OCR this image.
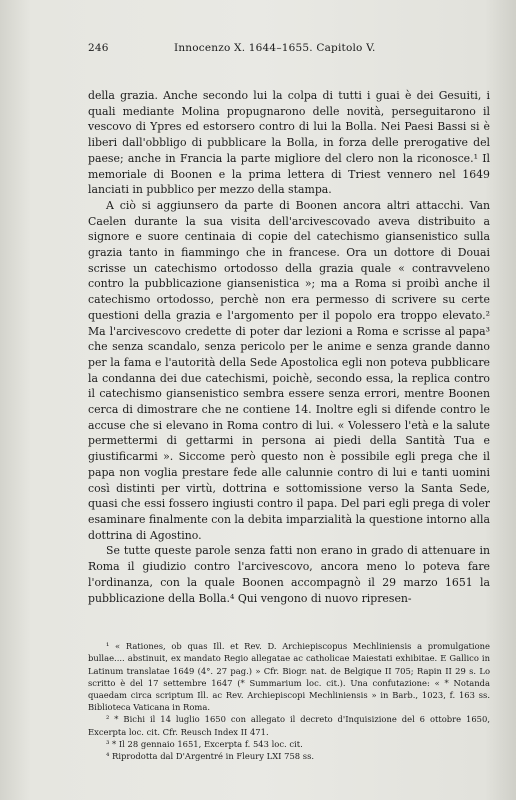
246	Innocenzo X. 1644–1655. Capitolo V.

della grazia. Anche secondo lui la colpa di tutti i guai è dei Gesuiti, i quali mediante Molina propugnarono delle novità, perseguitarono il vescovo di Ypres ed estorsero contro di lui la Bolla. Nei Paesi Bassi si è liberi dall'obbligo di pubblicare la Bolla, in forza delle prerogative del paese; anche in Francia la parte migliore del clero non la riconosce.¹ Il memoriale di Boonen e la prima lettera di Triest vennero nel 1649 lanciati in pubblico per mezzo della stampa.

A ciò si aggiunsero da parte di Boonen ancora altri attacchi. Van Caelen durante la sua visita dell'arcivescovado aveva distribuito a signore e suore centinaia di copie del catechismo giansenistico sulla grazia tanto in fiammingo che in francese. Ora un dottore di Douai scrisse un catechismo ortodosso della grazia quale « contravveleno contro la pubblicazione giansenistica »; ma a Roma si proibì anche il catechismo ortodosso, perchè non era permesso di scrivere su certe questioni della grazia e l'argomento per il popolo era troppo elevato.² Ma l'arcivescovo credette di poter dar lezioni a Roma e scrisse al papa³ che senza scandalo, senza pericolo per le anime e senza grande danno per la fama e l'autorità della Sede Apostolica egli non poteva pubblicare la condanna dei due catechismi, poichè, secondo essa, la replica contro il catechismo giansenistico sembra essere senza errori, mentre Boonen cerca di dimostrare che ne contiene 14. Inoltre egli si difende contro le accuse che si elevano in Roma contro di lui. « Volessero l'età e la salute permettermi di gettarmi in persona ai piedi della Santità Tua e giustificarmi ». Siccome però questo non è possibile egli prega che il papa non voglia prestare fede alle calunnie contro di lui e tanti uomini così distinti per virtù, dottrina e sottomissione verso la Santa Sede, quasi che essi fossero ingiusti contro il papa. Del pari egli prega di voler esaminare finalmente con la debita imparzialità la questione intorno alla dottrina di Agostino.

Se tutte queste parole senza fatti non erano in grado di attenuare in Roma il giudizio contro l'arcivescovo, ancora meno lo poteva fare l'ordinanza, con la quale Boonen accompagnò il 29 marzo 1651 la pubblicazione della Bolla.⁴ Qui vengono di nuovo ripresen-

¹ « Rationes, ob quas Ill. et Rev. D. Archiepiscopus Mechliniensis a promulgatione bullae.... abstinuit, ex mandato Regio allegatae ac catholicae Maiestati exhibitae. E Gallico in Latinum translatae 1649 (4°. 27 pag.) » Cfr. Biogr. nat. de Belgique II 705; Rapin II 29 s. Lo scritto è del 17 settembre 1647 (* Summarium loc. cit.). Una confutazione: « * Notanda quaedam circa scriptum Ill. ac Rev. Archiepiscopi Mechliniensis » in Barb., 1023, f. 163 ss. Biblioteca Vaticana in Roma.

² * Bichi il 14 luglio 1650 con allegato il decreto d'Inquisizione del 6 ottobre 1650, Excerpta loc. cit. Cfr. Reusch Index II 471.

³ * Il 28 gennaio 1651, Excerpta f. 543 loc. cit.

⁴ Riprodotta dal D'Argentré in Fleury LXI 758 ss.
